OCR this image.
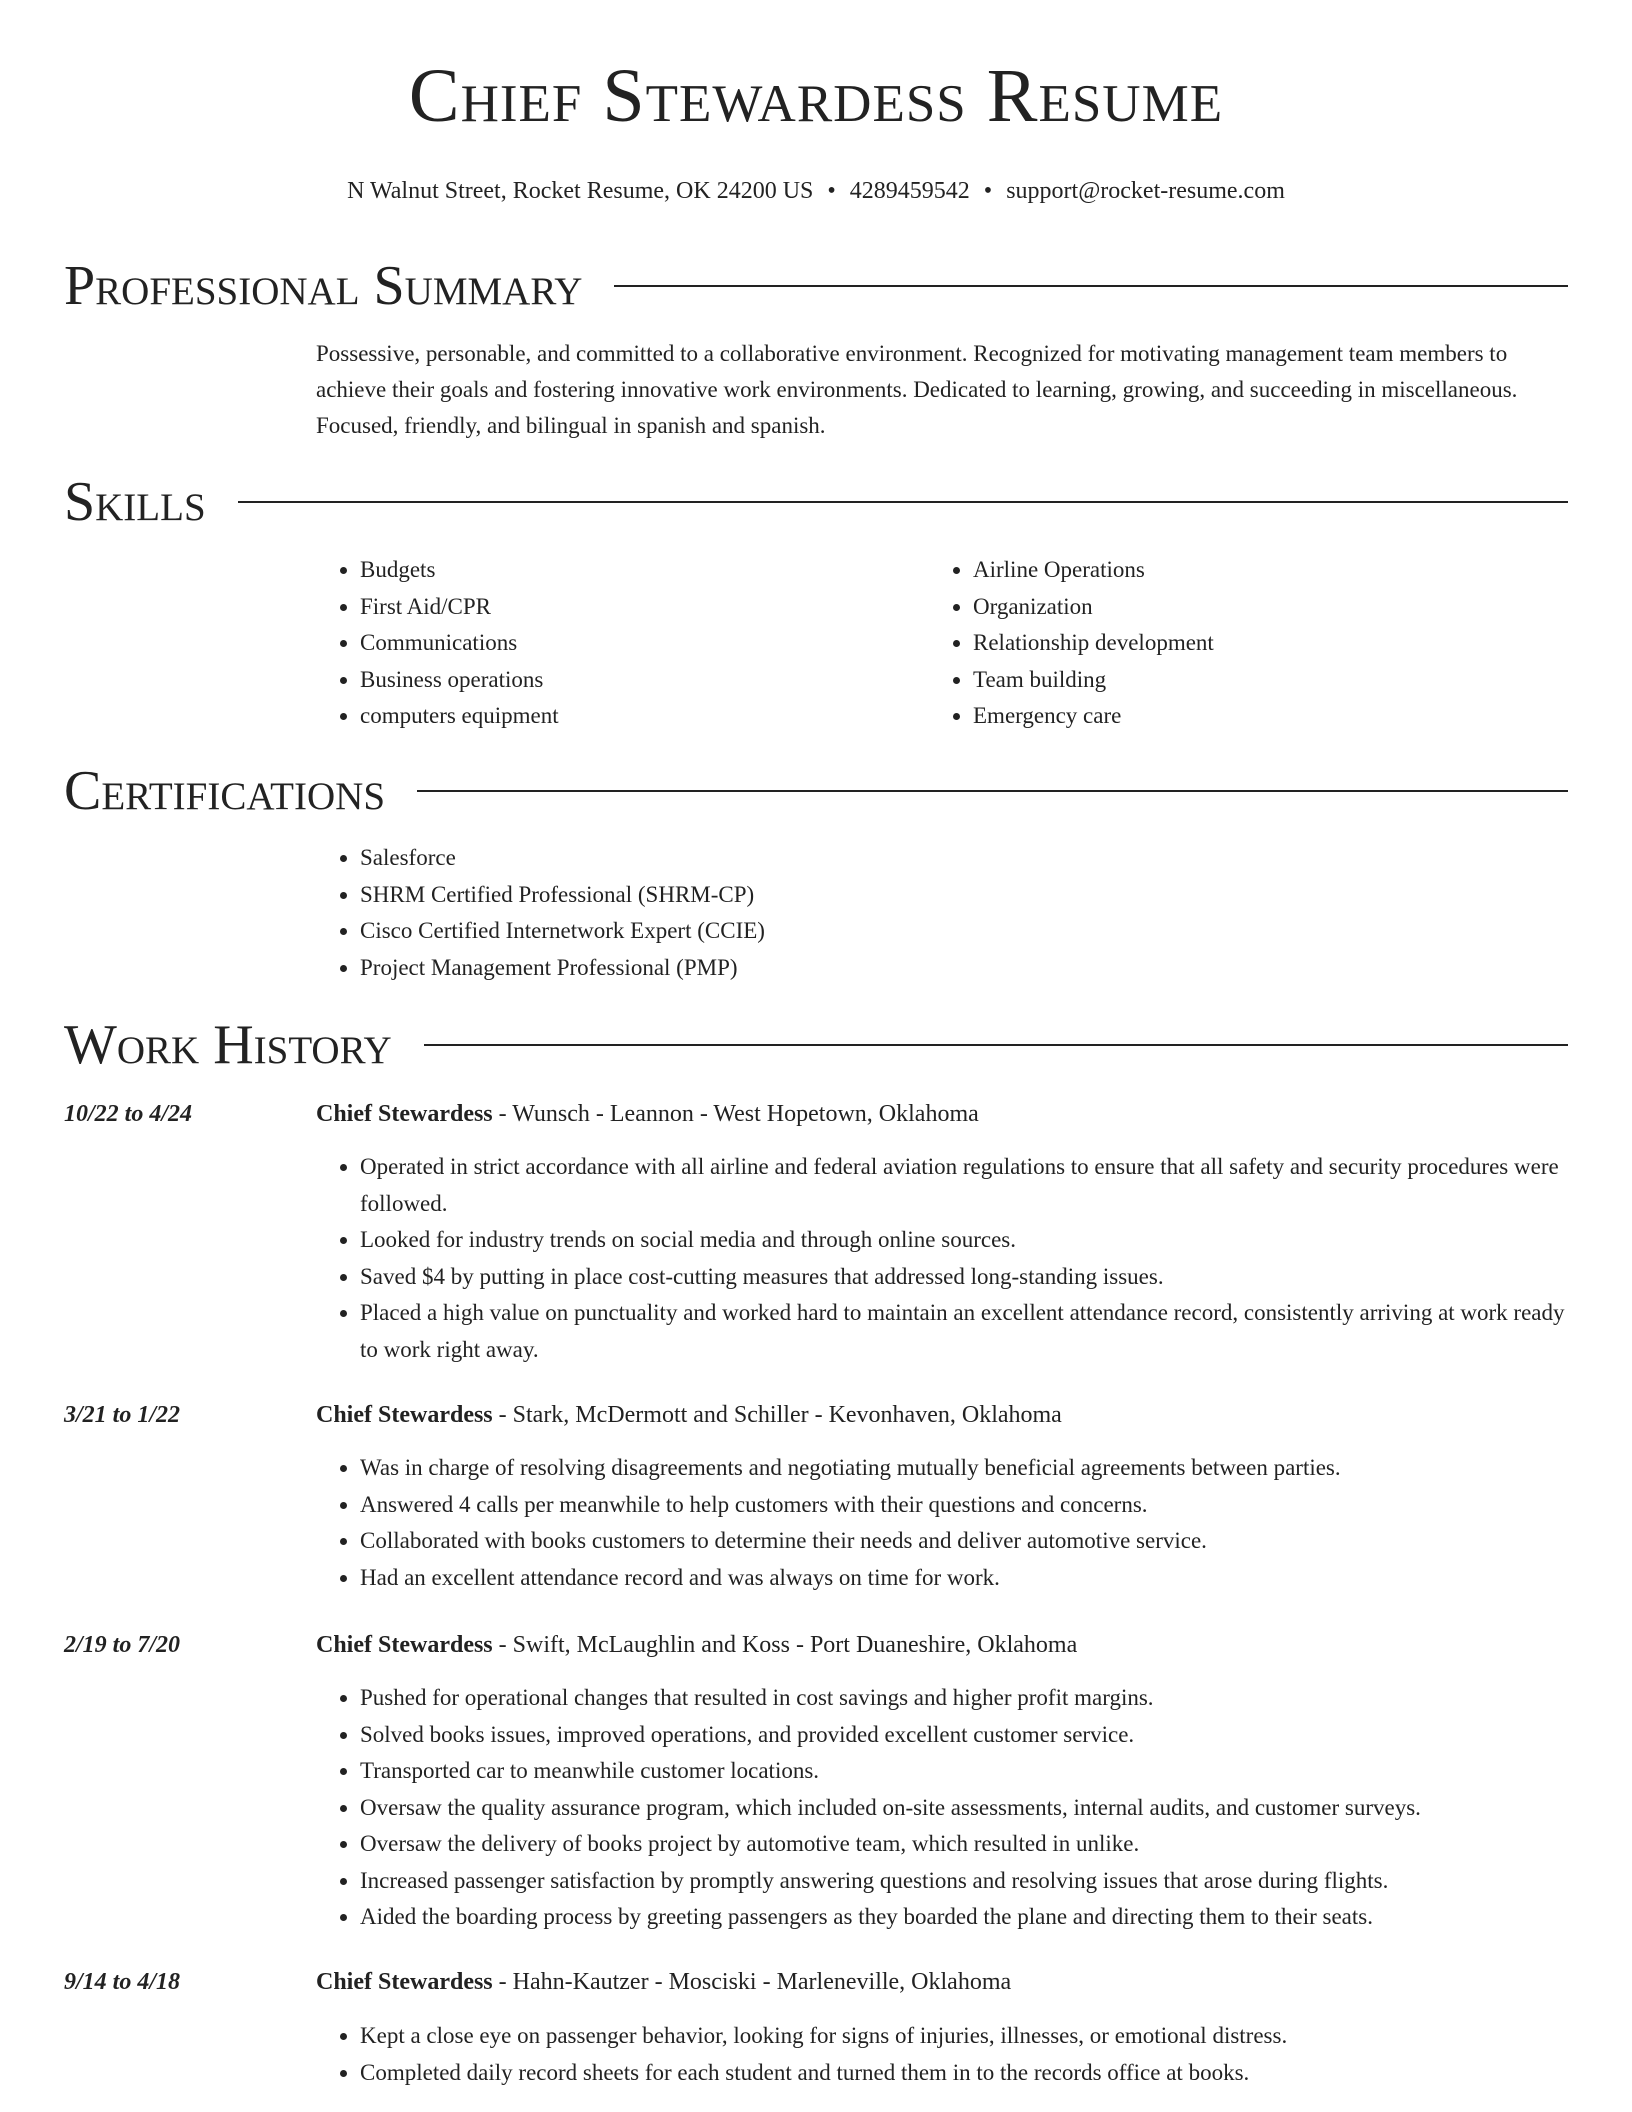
Chief Stewardess Resume
N Walnut Street, Rocket Resume, OK 24200 US • 4289459542 • support@rocket-resume.com
Professional Summary

Possessive, personable, and committed to a collaborative environment. Recognized for motivating management team members to achieve their goals and fostering innovative work environments. Dedicated to learning, growing, and succeeding in miscellaneous. Focused, friendly, and bilingual in spanish and spanish.

Skills
• Budgets
• First Aid/CPR
• Communications
• Business operations
• computers equipment
• Airline Operations
• Organization
• Relationship development
• Team building
• Emergency care
Certifications
• Salesforce
• SHRM Certified Professional (SHRM-CP)
• Cisco Certified Internetwork Expert (CCIE)
• Project Management Professional (PMP)
Work History
10/22 to 4/24	Chief Stewardess - Wunsch - Leannon - West Hopetown, Oklahoma
• Operated in strict accordance with all airline and federal aviation regulations to ensure that all safety and security procedures were followed.
• Looked for industry trends on social media and through online sources.
• Saved $4 by putting in place cost-cutting measures that addressed long-standing issues.
• Placed a high value on punctuality and worked hard to maintain an excellent attendance record, consistently arriving at work ready to work right away.
3/21 to 1/22	Chief Stewardess - Stark, McDermott and Schiller - Kevonhaven, Oklahoma
• Was in charge of resolving disagreements and negotiating mutually beneficial agreements between parties.
• Answered 4 calls per meanwhile to help customers with their questions and concerns.
• Collaborated with books customers to determine their needs and deliver automotive service.
• Had an excellent attendance record and was always on time for work.
2/19 to 7/20	Chief Stewardess - Swift, McLaughlin and Koss - Port Duaneshire, Oklahoma
• Pushed for operational changes that resulted in cost savings and higher profit margins.
• Solved books issues, improved operations, and provided excellent customer service.
• Transported car to meanwhile customer locations.
• Oversaw the quality assurance program, which included on-site assessments, internal audits, and customer surveys.
• Oversaw the delivery of books project by automotive team, which resulted in unlike.
• Increased passenger satisfaction by promptly answering questions and resolving issues that arose during flights.
• Aided the boarding process by greeting passengers as they boarded the plane and directing them to their seats.
9/14 to 4/18	Chief Stewardess - Hahn-Kautzer - Mosciski - Marleneville, Oklahoma
• Kept a close eye on passenger behavior, looking for signs of injuries, illnesses, or emotional distress.
• Completed daily record sheets for each student and turned them in to the records office at books.
